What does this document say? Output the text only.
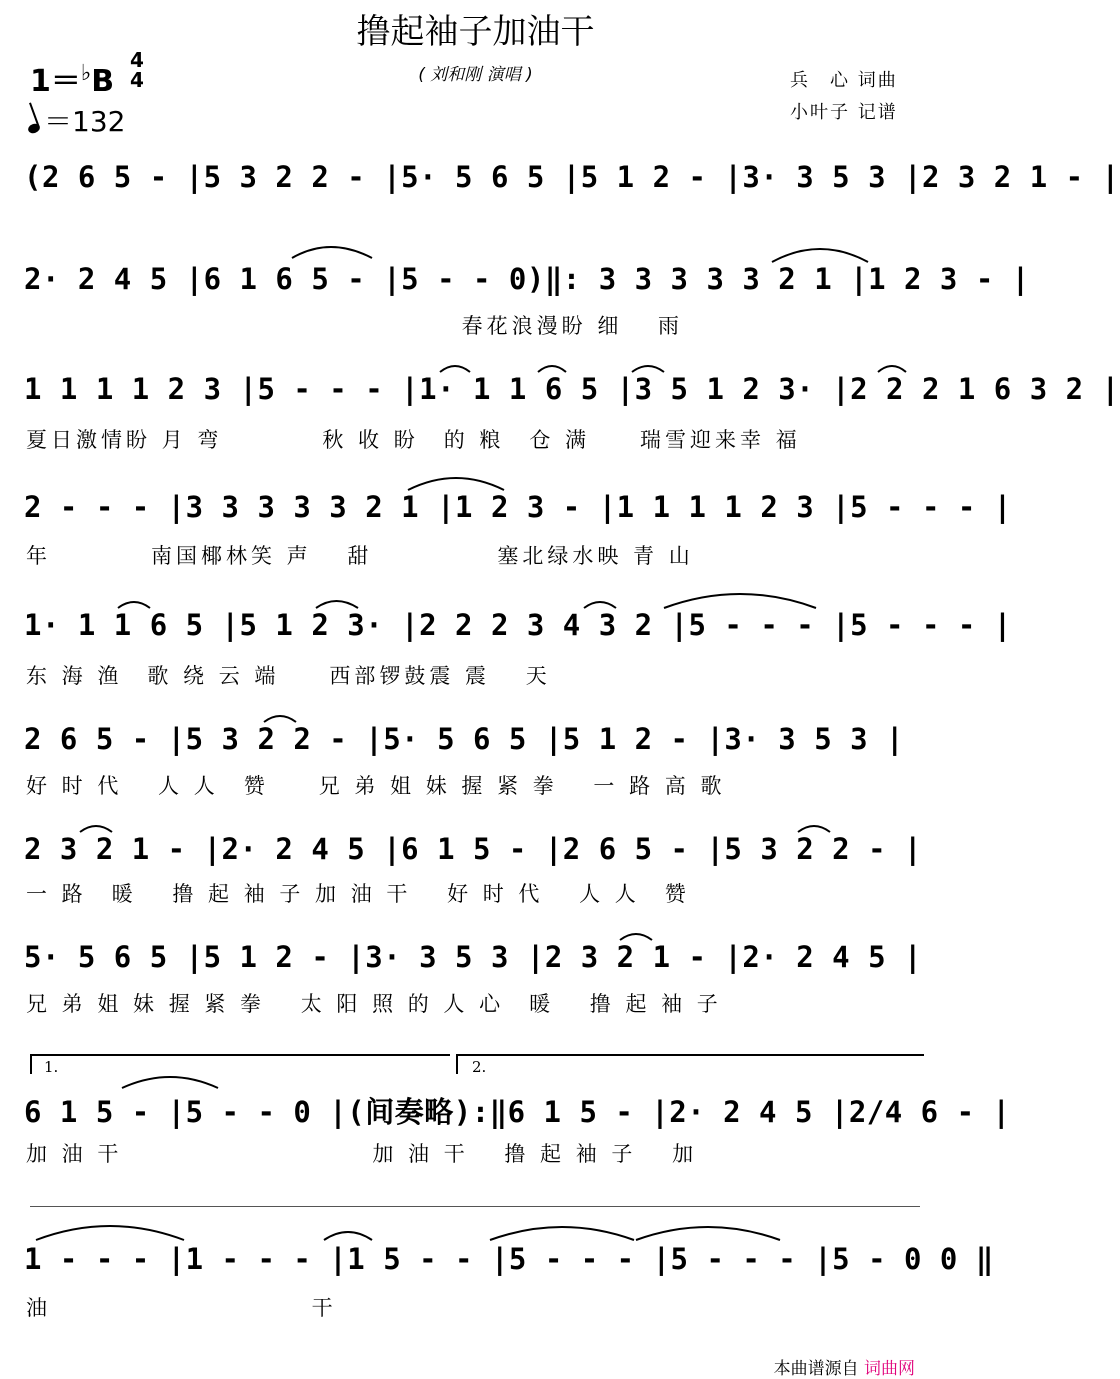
撸起袖子加油干
( 刘和刚 演唱 )	兵　心 词曲
小叶子 记谱
1＝♭B
4
4
＝132
(2 6 5 - |5 3 2 2 - |5· 5 6 5 |5 1 2 - |3· 3 5 3 |2 3 2 1 - |
2· 2 4 5 |6 1 6 5 - |5 - - 0)‖: 3 3 3 3 3 2 1 |1 2 3 - |
　　　　　　　　　　　　　　　　　 春花浪漫盼 细　 雨
1 1 1 1 2 3 |5 - - - |1· 1 1 6 5 |3 5 1 2 3· |2 2 2 1 6 3 2 |
夏日激情盼 月 弯　　　　秋 收 盼　的 粮　仓 满　　瑞雪迎来幸 福
2 - - - |3 3 3 3 3 2 1 |1 2 3 - |1 1 1 1 2 3 |5 - - - |
年　　　　南国椰林笑 声　 甜　　　　　塞北绿水映 青 山
1· 1 1 6 5 |5 1 2 3· |2 2 2 3 4 3 2 |5 - - - |5 - - - |
东 海 渔　歌 绕 云 端　　西部锣鼓震 震　 天
2 6 5 - |5 3 2 2 - |5· 5 6 5 |5 1 2 - |3· 3 5 3 |
好 时 代　 人 人　赞　　兄 弟 姐 妹 握 紧 拳　 一 路 高 歌
2 3 2 1 - |2· 2 4 5 |6 1 5 - |2 6 5 - |5 3 2 2 - |
一 路　暖　 撸 起 袖 子 加 油 干　 好 时 代　 人 人　赞
5· 5 6 5 |5 1 2 - |3· 3 5 3 |2 3 2 1 - |2· 2 4 5 |
兄 弟 姐 妹 握 紧 拳　 太 阳 照 的 人 心　暖　 撸 起 袖 子
1.	2.
6 1 5 - |5 - - 0 |(间奏略):‖6 1 5 - |2· 2 4 5 |2/4 6 - |
加 油 干　　　　　　　　　　加 油 干　 撸 起 袖 子　 加
1 - - - |1 - - - |1 5 - - |5 - - - |5 - - - |5 - 0 0 ‖
油　　　　　　　　　　 干
本曲谱源自 词曲网
